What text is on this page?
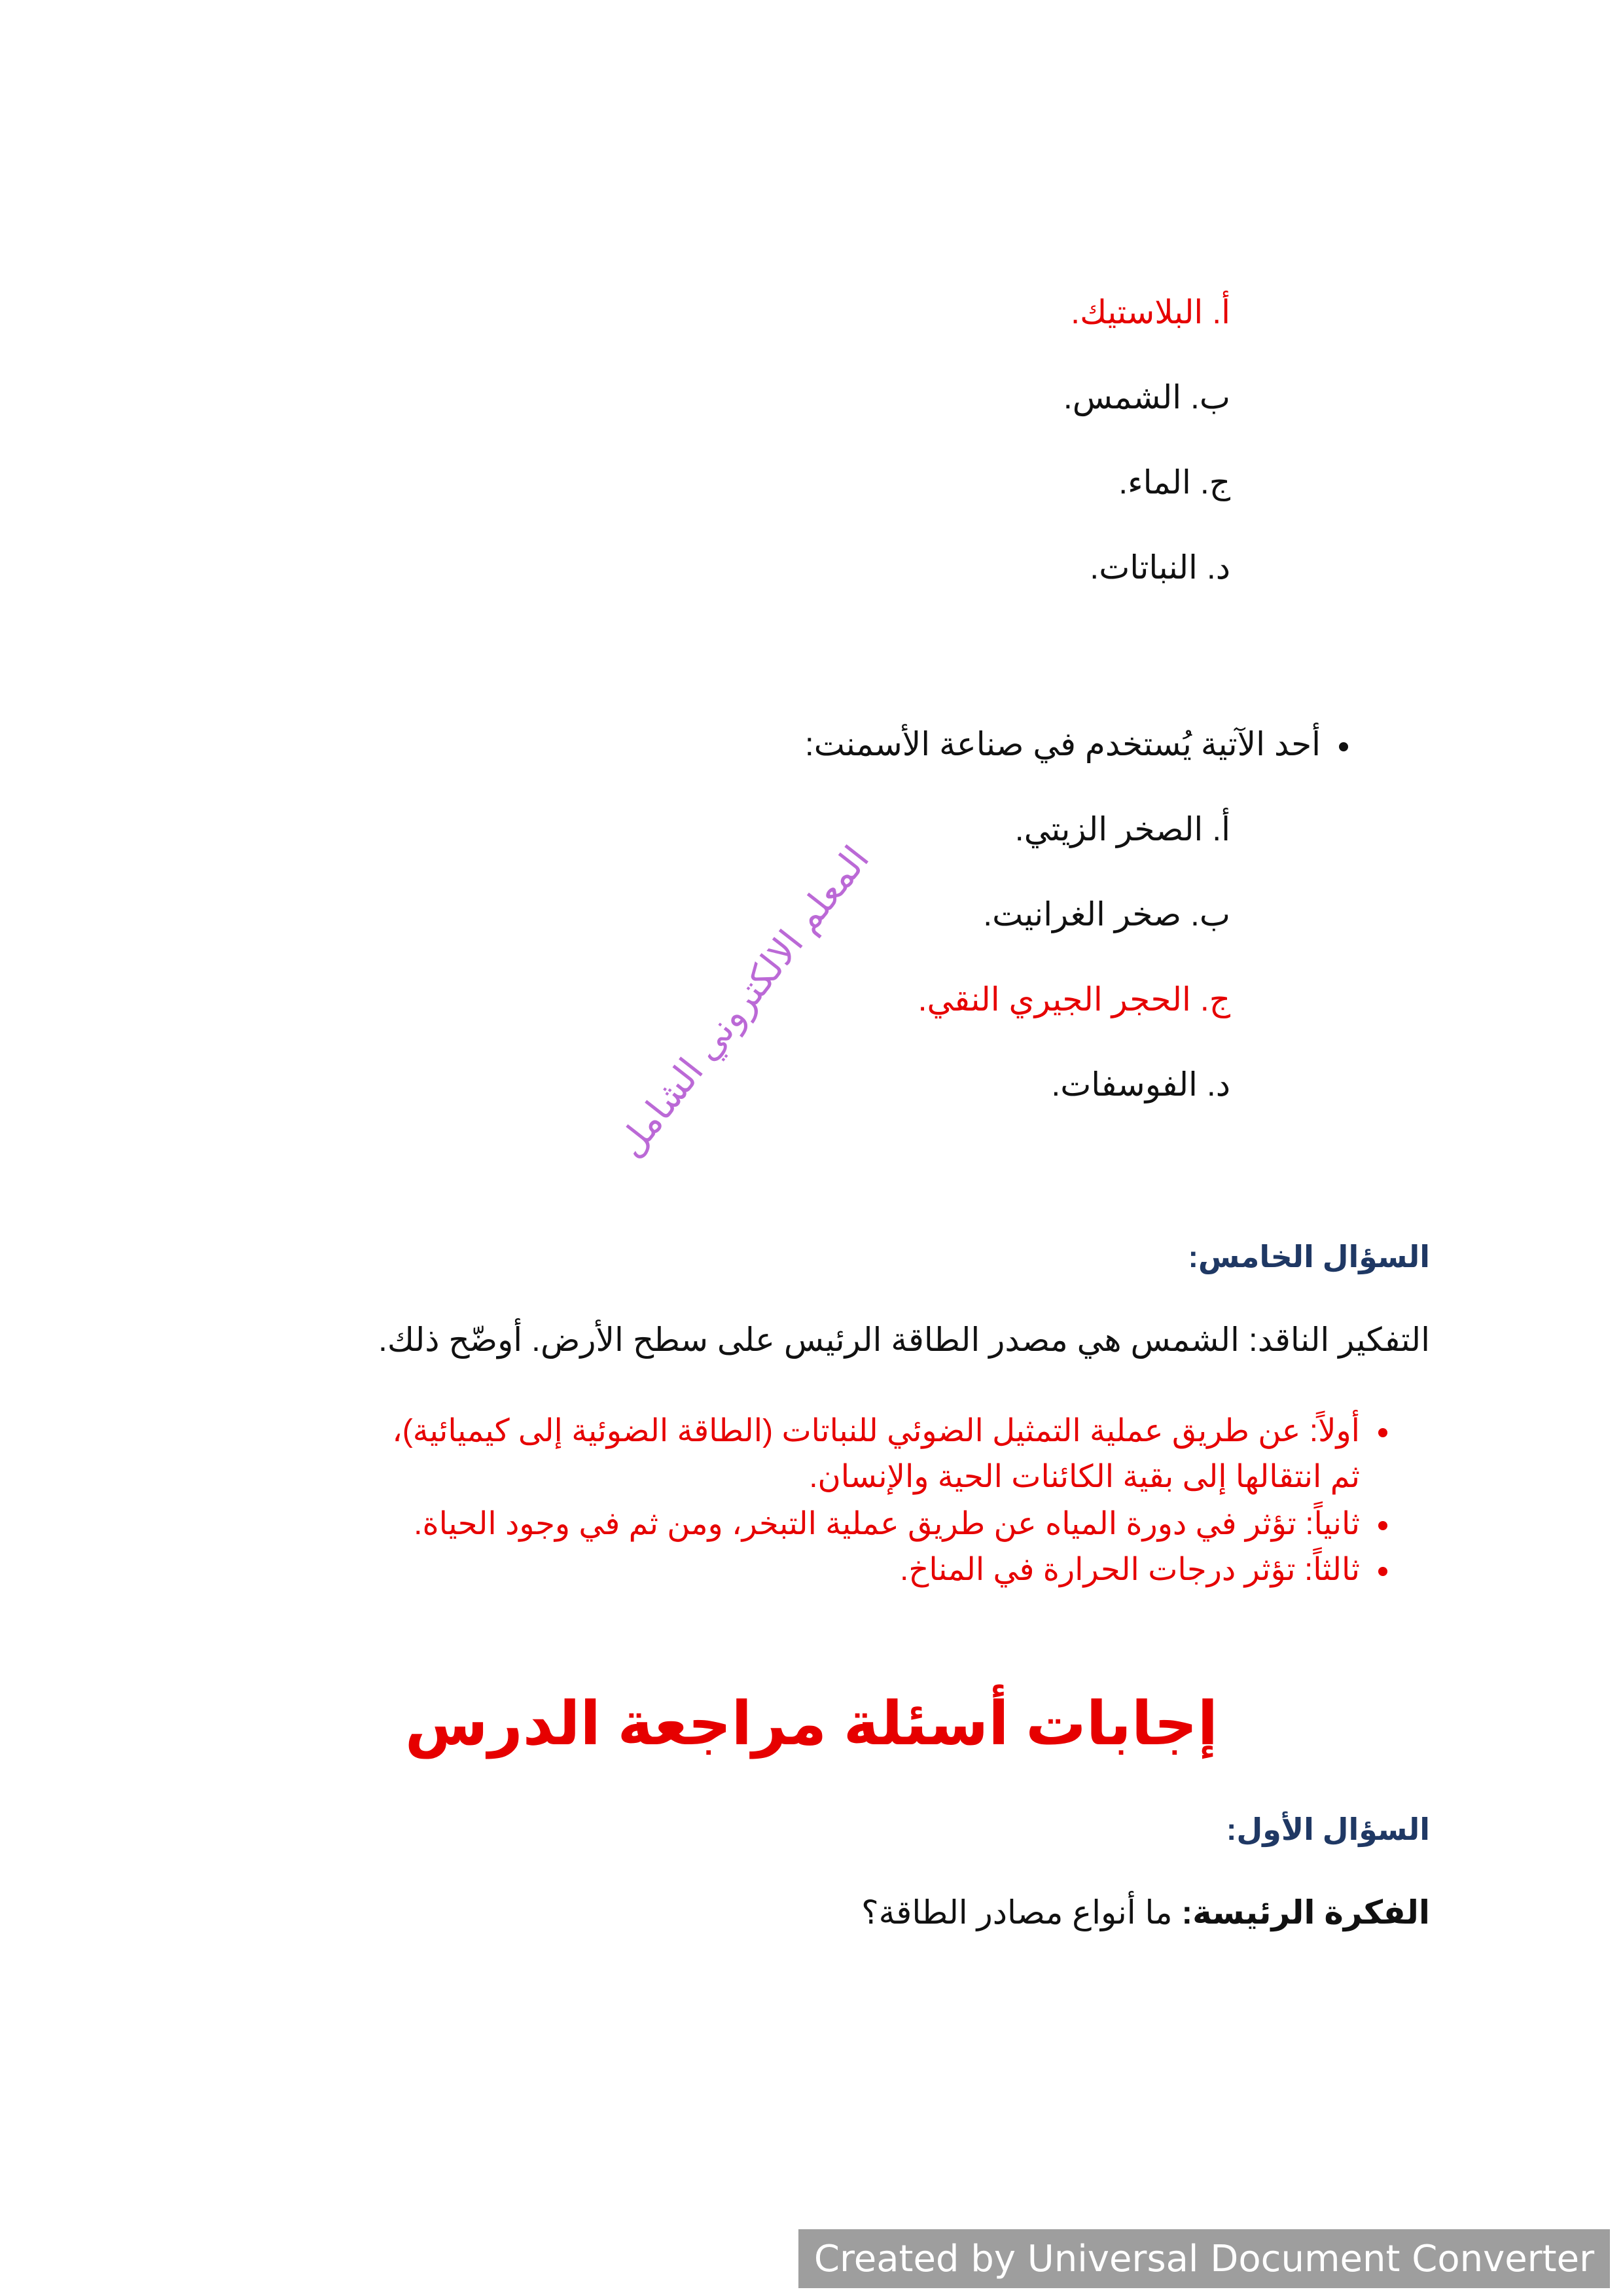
أ. البلاستيك.
ب. الشمس.
ج. الماء.
د. النباتات.
أحد الآتية يُستخدم في صناعة الأسمنت:
أ. الصخر الزيتي.
ب. صخر الغرانيت.
ج. الحجر الجيري النقي.
د. الفوسفات.
المعلم الالكتروني الشامل
السؤال الخامس:
التفكير الناقد: الشمس هي مصدر الطاقة الرئيس على سطح الأرض. أوضّح ذلك.
أولاً: عن طريق عملية التمثيل الضوئي للنباتات (الطاقة الضوئية إلى كيميائية)،
ثم انتقالها إلى بقية الكائنات الحية والإنسان.
ثانياً: تؤثر في دورة المياه عن طريق عملية التبخر، ومن ثم في وجود الحياة.
ثالثاً: تؤثر درجات الحرارة في المناخ.
إجابات أسئلة مراجعة الدرس
السؤال الأول:
الفكرة الرئيسة: ما أنواع مصادر الطاقة؟
Created by Universal Document Converter
